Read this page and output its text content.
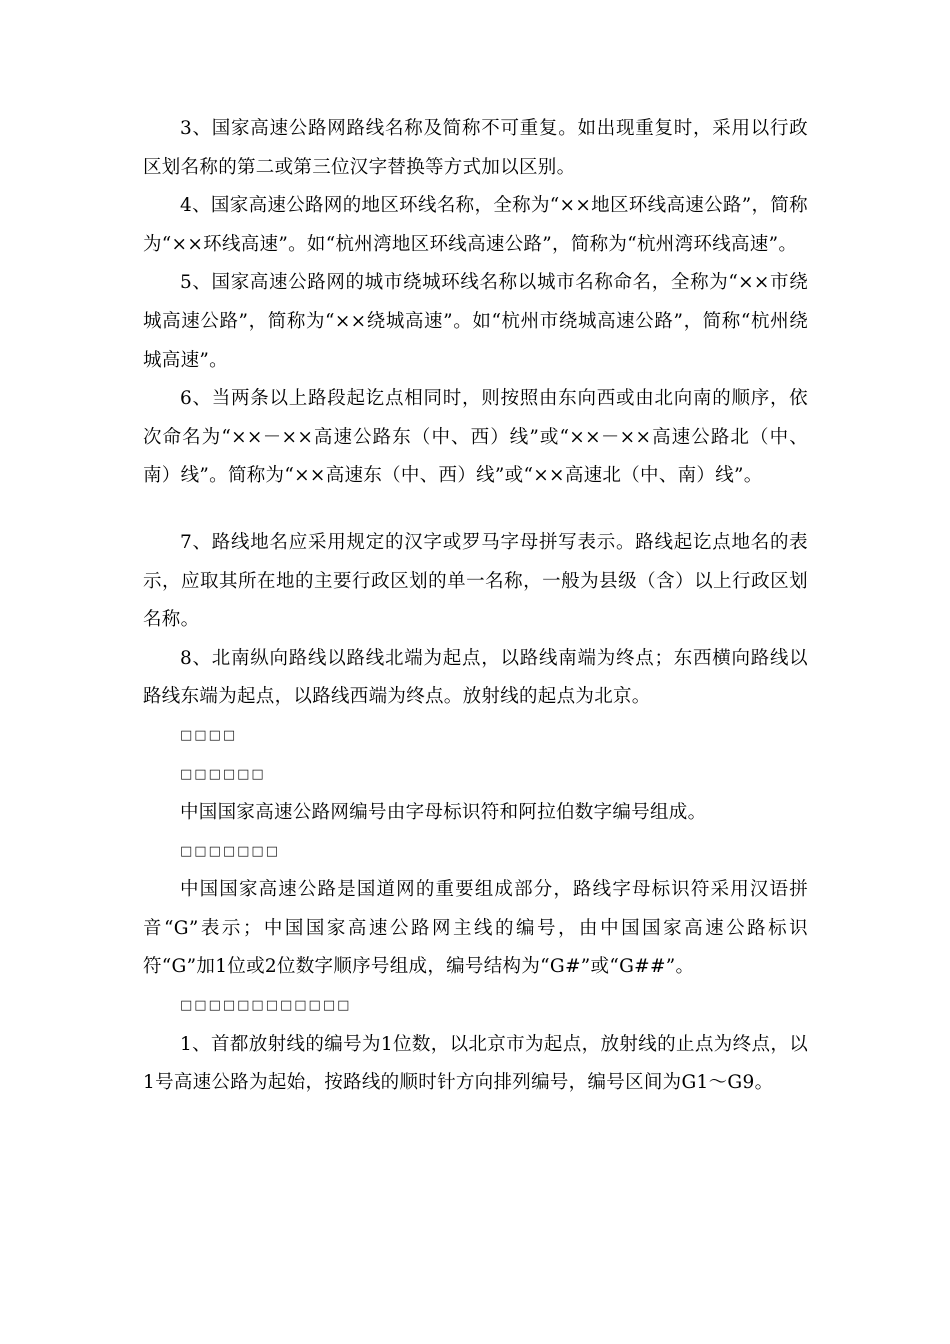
3、国家高速公路网路线名称及简称不可重复。如出现重复时，采用以行政区划名称的第二或第三位汉字替换等方式加以区别。

4、国家高速公路网的地区环线名称，全称为“××地区环线高速公路”，简称为“××环线高速”。如“杭州湾地区环线高速公路”，简称为“杭州湾环线高速”。

5、国家高速公路网的城市绕城环线名称以城市名称命名，全称为“××市绕城高速公路”，简称为“××绕城高速”。如“杭州市绕城高速公路”，简称“杭州绕城高速”。

6、当两条以上路段起讫点相同时，则按照由东向西或由北向南的顺序，依次命名为“××－××高速公路东（中、西）线”或“××－××高速公路北（中、南）线”。简称为“××高速东（中、西）线”或“××高速北（中、南）线”。

7、路线地名应采用规定的汉字或罗马字母拼写表示。路线起讫点地名的表示，应取其所在地的主要行政区划的单一名称，一般为县级（含）以上行政区划名称。

8、北南纵向路线以路线北端为起点，以路线南端为终点；东西横向路线以路线东端为起点，以路线西端为终点。放射线的起点为北京。

□□□□

□□□□□□

中国国家高速公路网编号由字母标识符和阿拉伯数字编号组成。

□□□□□□□

中国国家高速公路是国道网的重要组成部分，路线字母标识符采用汉语拼音“G”表示；中国国家高速公路网主线的编号，由中国国家高速公路标识符“G”加1位或2位数字顺序号组成，编号结构为“G#”或“G##”。

□□□□□□□□□□□□

1、首都放射线的编号为1位数，以北京市为起点，放射线的止点为终点，以1号高速公路为起始，按路线的顺时针方向排列编号，编号区间为G1～G9。
